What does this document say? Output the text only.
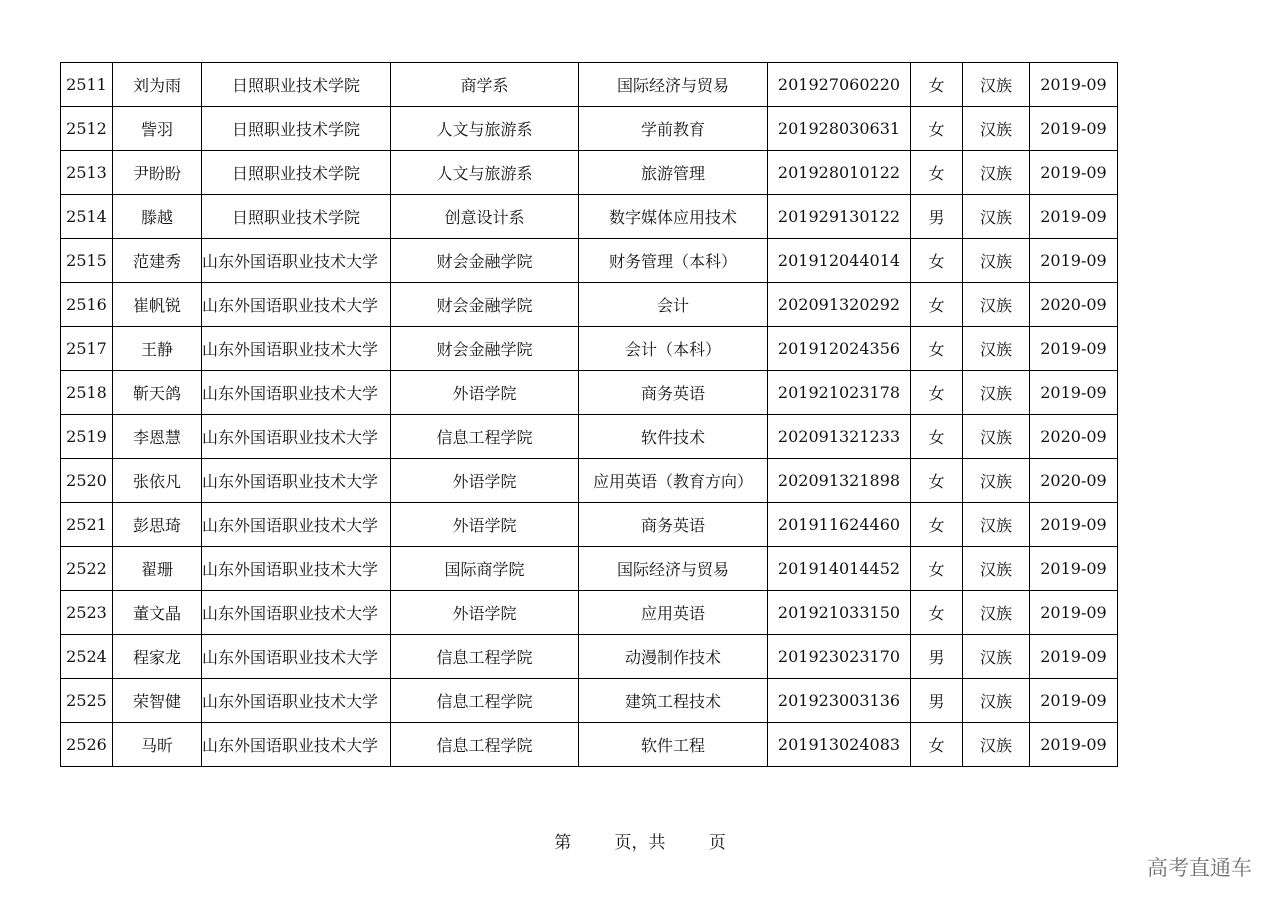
2511	刘为雨	日照职业技术学院	商学系	国际经济与贸易	201927060220	女	汉族	2019-09
2512	訾羽	日照职业技术学院	人文与旅游系	学前教育	201928030631	女	汉族	2019-09
2513	尹盼盼	日照职业技术学院	人文与旅游系	旅游管理	201928010122	女	汉族	2019-09
2514	滕越	日照职业技术学院	创意设计系	数字媒体应用技术	201929130122	男	汉族	2019-09
2515	范建秀	山东外国语职业技术大学	财会金融学院	财务管理（本科）	201912044014	女	汉族	2019-09
2516	崔帆锐	山东外国语职业技术大学	财会金融学院	会计	202091320292	女	汉族	2020-09
2517	王静	山东外国语职业技术大学	财会金融学院	会计（本科）	201912024356	女	汉族	2019-09
2518	靳天鸽	山东外国语职业技术大学	外语学院	商务英语	201921023178	女	汉族	2019-09
2519	李恩慧	山东外国语职业技术大学	信息工程学院	软件技术	202091321233	女	汉族	2020-09
2520	张依凡	山东外国语职业技术大学	外语学院	应用英语（教育方向）	202091321898	女	汉族	2020-09
2521	彭思琦	山东外国语职业技术大学	外语学院	商务英语	201911624460	女	汉族	2019-09
2522	翟珊	山东外国语职业技术大学	国际商学院	国际经济与贸易	201914014452	女	汉族	2019-09
2523	董文晶	山东外国语职业技术大学	外语学院	应用英语	201921033150	女	汉族	2019-09
2524	程家龙	山东外国语职业技术大学	信息工程学院	动漫制作技术	201923023170	男	汉族	2019-09
2525	荣智健	山东外国语职业技术大学	信息工程学院	建筑工程技术	201923003136	男	汉族	2019-09
2526	马昕	山东外国语职业技术大学	信息工程学院	软件工程	201913024083	女	汉族	2019-09
第	页，共	页
高考直通车
